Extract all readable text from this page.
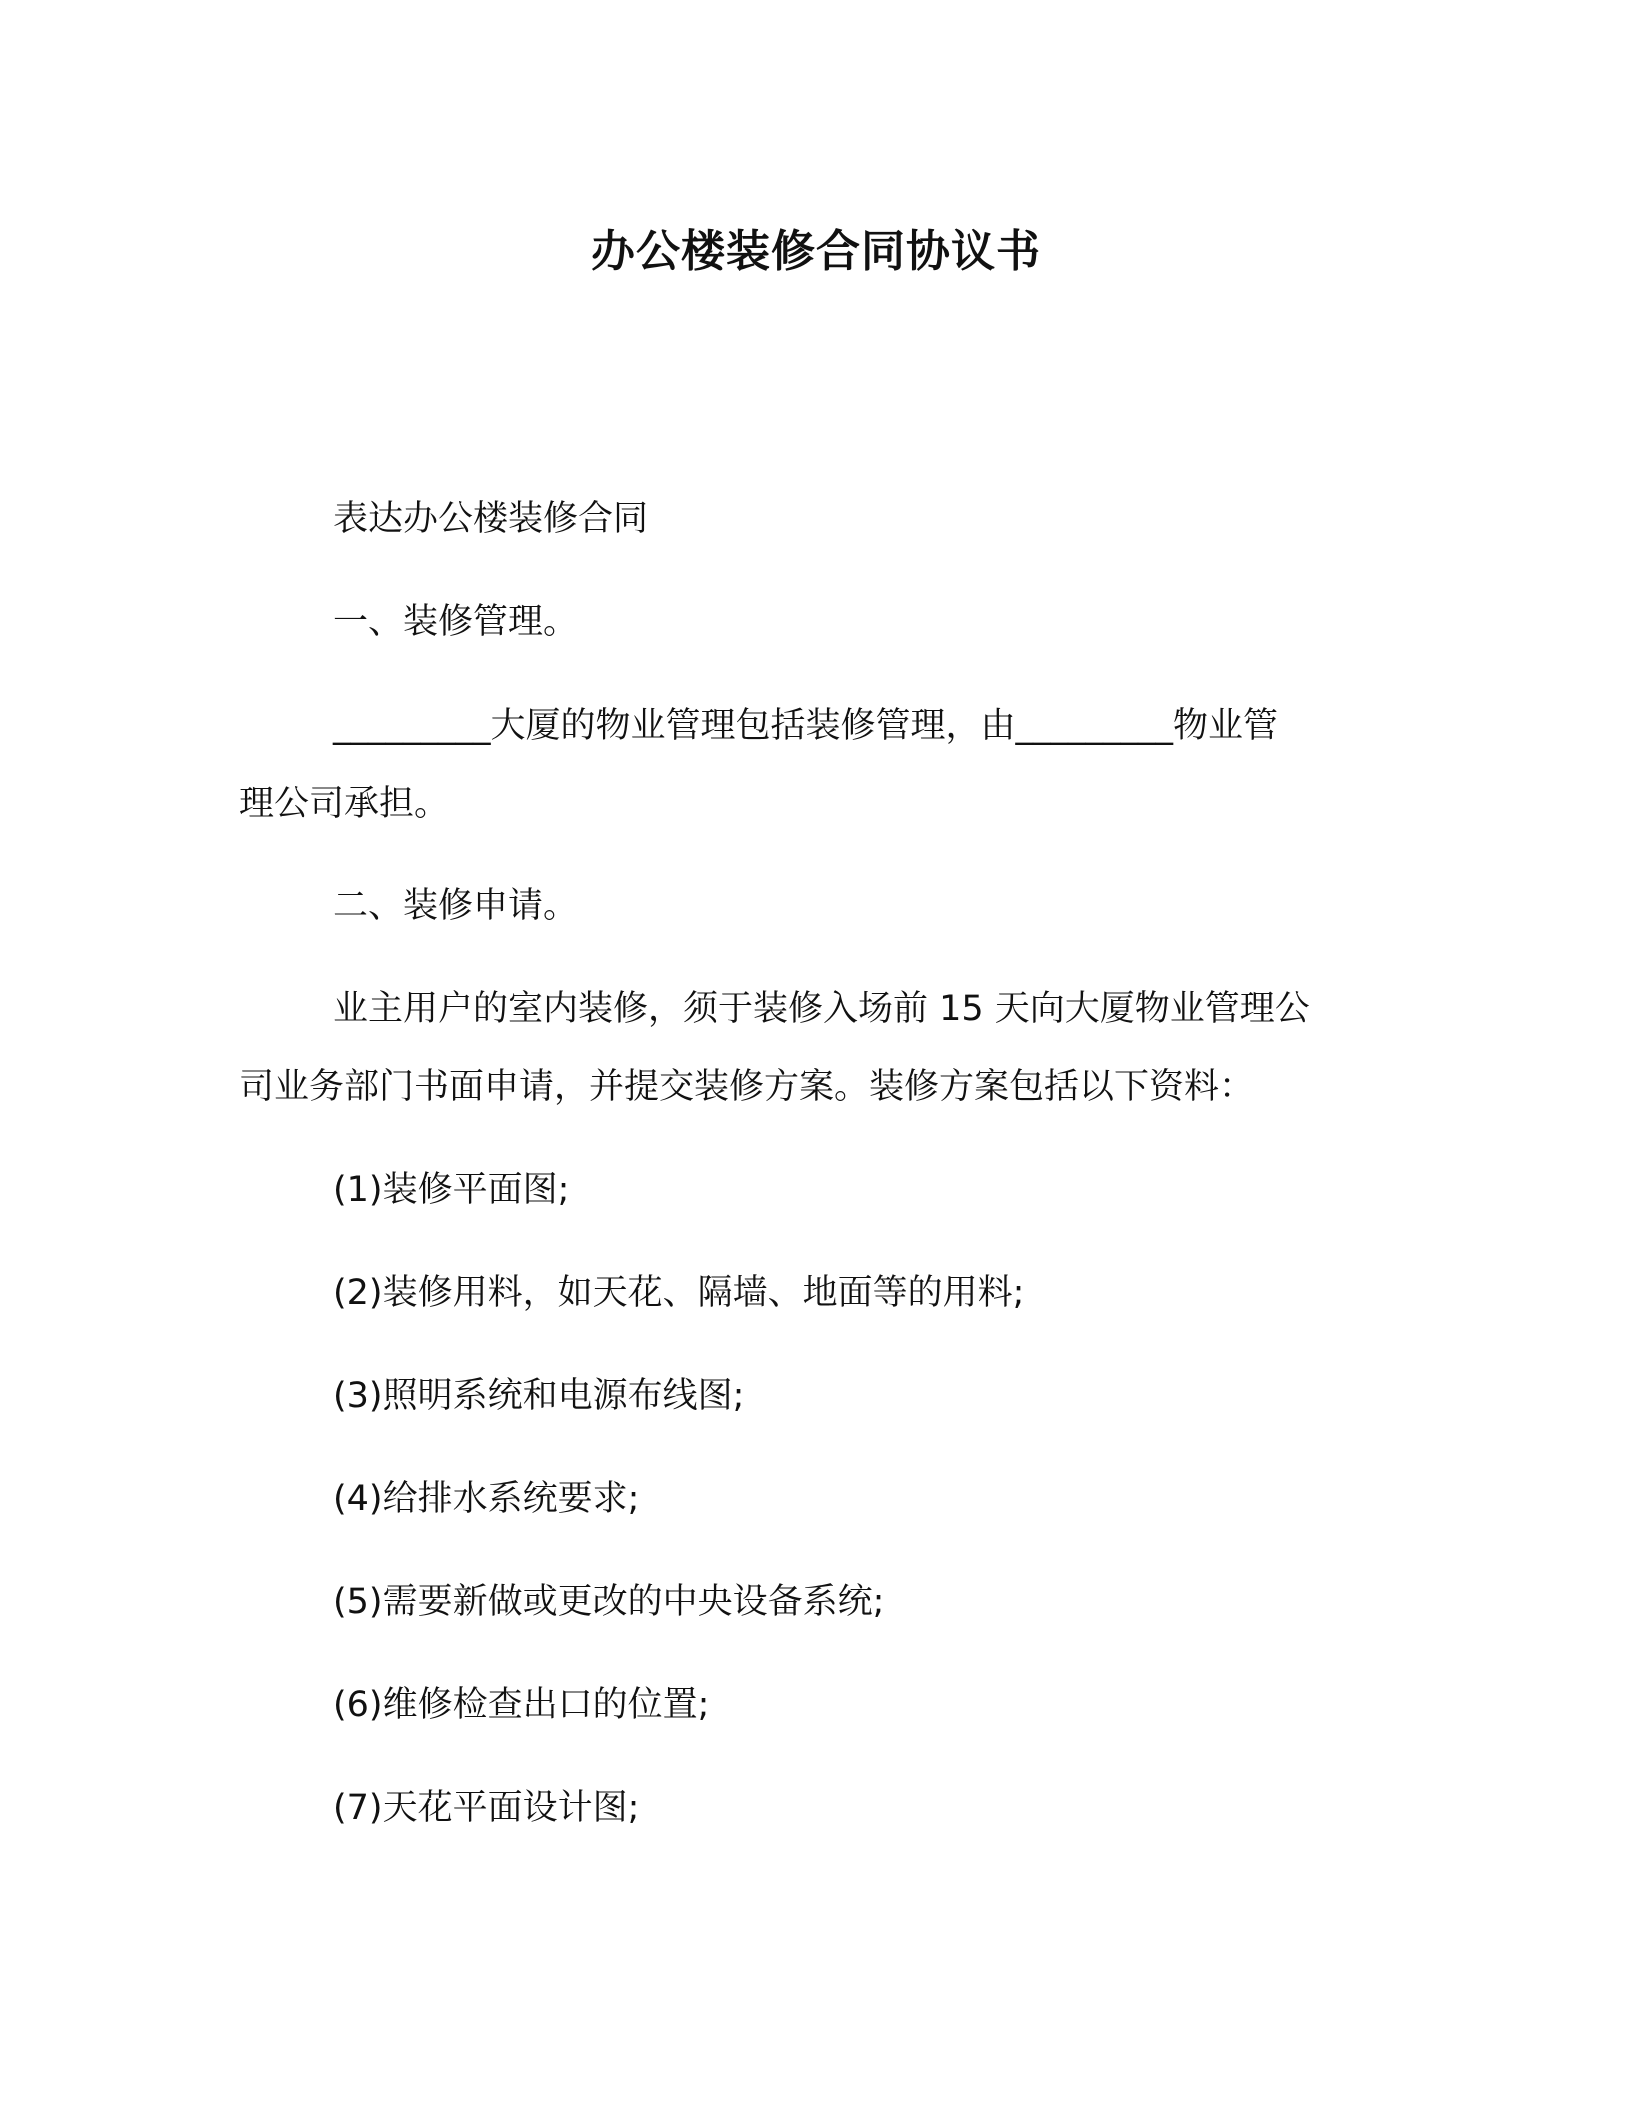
办公楼装修合同协议书
表达办公楼装修合同
一、装修管理。
_________大厦的物业管理包括装修管理，由_________物业管
理公司承担。
二、装修申请。
业主用户的室内装修，须于装修入场前 15 天向大厦物业管理公
司业务部门书面申请，并提交装修方案。装修方案包括以下资料：
(1)装修平面图;
(2)装修用料，如天花、隔墙、地面等的用料;
(3)照明系统和电源布线图;
(4)给排水系统要求;
(5)需要新做或更改的中央设备系统;
(6)维修检查出口的位置;
(7)天花平面设计图;
